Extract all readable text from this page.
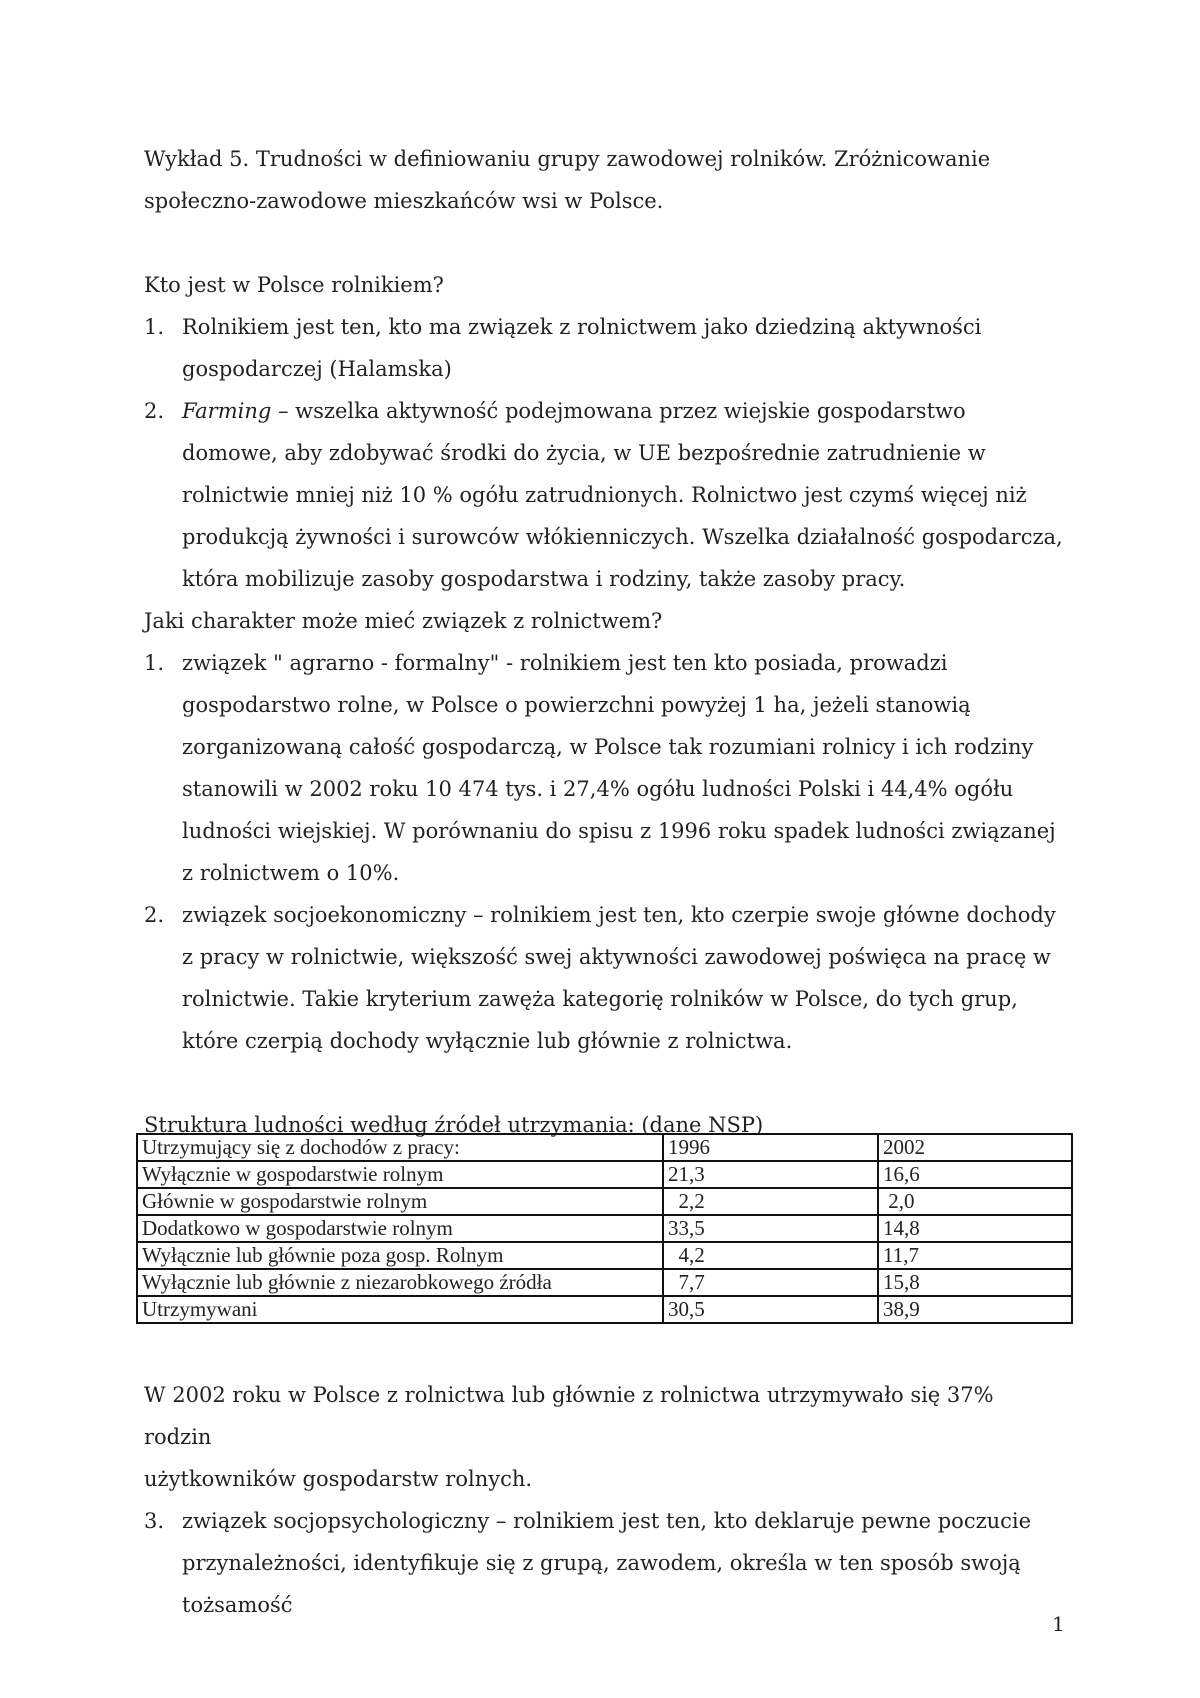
Wykład 5. Trudności w definiowaniu grupy zawodowej rolników. Zróżnicowanie

społeczno-zawodowe mieszkańców wsi w Polsce.

Kto jest w Polsce rolnikiem?

1. Rolnikiem jest ten, kto ma związek z rolnictwem jako dziedziną aktywności gospodarczej (Halamska)
2. Farming – wszelka aktywność podejmowana przez wiejskie gospodarstwo domowe, aby zdobywać środki do życia, w UE bezpośrednie zatrudnienie w rolnictwie mniej niż 10 % ogółu zatrudnionych. Rolnictwo jest czymś więcej niż produkcją żywności i surowców włókienniczych. Wszelka działalność gospodarcza, która mobilizuje zasoby gospodarstwa i rodziny, także zasoby pracy.

Jaki charakter może mieć związek z rolnictwem?

1. związek " agrarno - formalny" - rolnikiem jest ten kto posiada, prowadzi gospodarstwo rolne, w Polsce o powierzchni powyżej 1 ha, jeżeli stanowią zorganizowaną całość gospodarczą, w Polsce tak rozumiani rolnicy i ich rodziny stanowili w 2002 roku 10 474 tys. i 27,4% ogółu ludności Polski i 44,4% ogółu ludności wiejskiej. W porównaniu do spisu z 1996 roku spadek ludności związanej z rolnictwem o 10%.
2. związek socjoekonomiczny – rolnikiem jest ten, kto czerpie swoje główne dochody z pracy w rolnictwie, większość swej aktywności zawodowej poświęca na pracę w rolnictwie. Takie kryterium zawęża kategorię rolników w Polsce, do tych grup, które czerpią dochody wyłącznie lub głównie z rolnictwa.

Struktura ludności według źródeł utrzymania: (dane NSP)

Utrzymujący się z dochodów z pracy:	1996	2002
Wyłącznie w gospodarstwie rolnym	21,3	16,6
Głównie w gospodarstwie rolnym	2,2	2,0
Dodatkowo w gospodarstwie rolnym	33,5	14,8
Wyłącznie lub głównie poza gosp. Rolnym	4,2	11,7
Wyłącznie lub głównie z niezarobkowego źródła	7,7	15,8
Utrzymywani	30,5	38,9

W 2002 roku w Polsce z rolnictwa lub głównie z rolnictwa utrzymywało się 37% rodzin

użytkowników gospodarstw rolnych.

3. związek socjopsychologiczny – rolnikiem jest ten, kto deklaruje pewne poczucie przynależności, identyfikuje się z grupą, zawodem, określa w ten sposób swoją tożsamość
1
